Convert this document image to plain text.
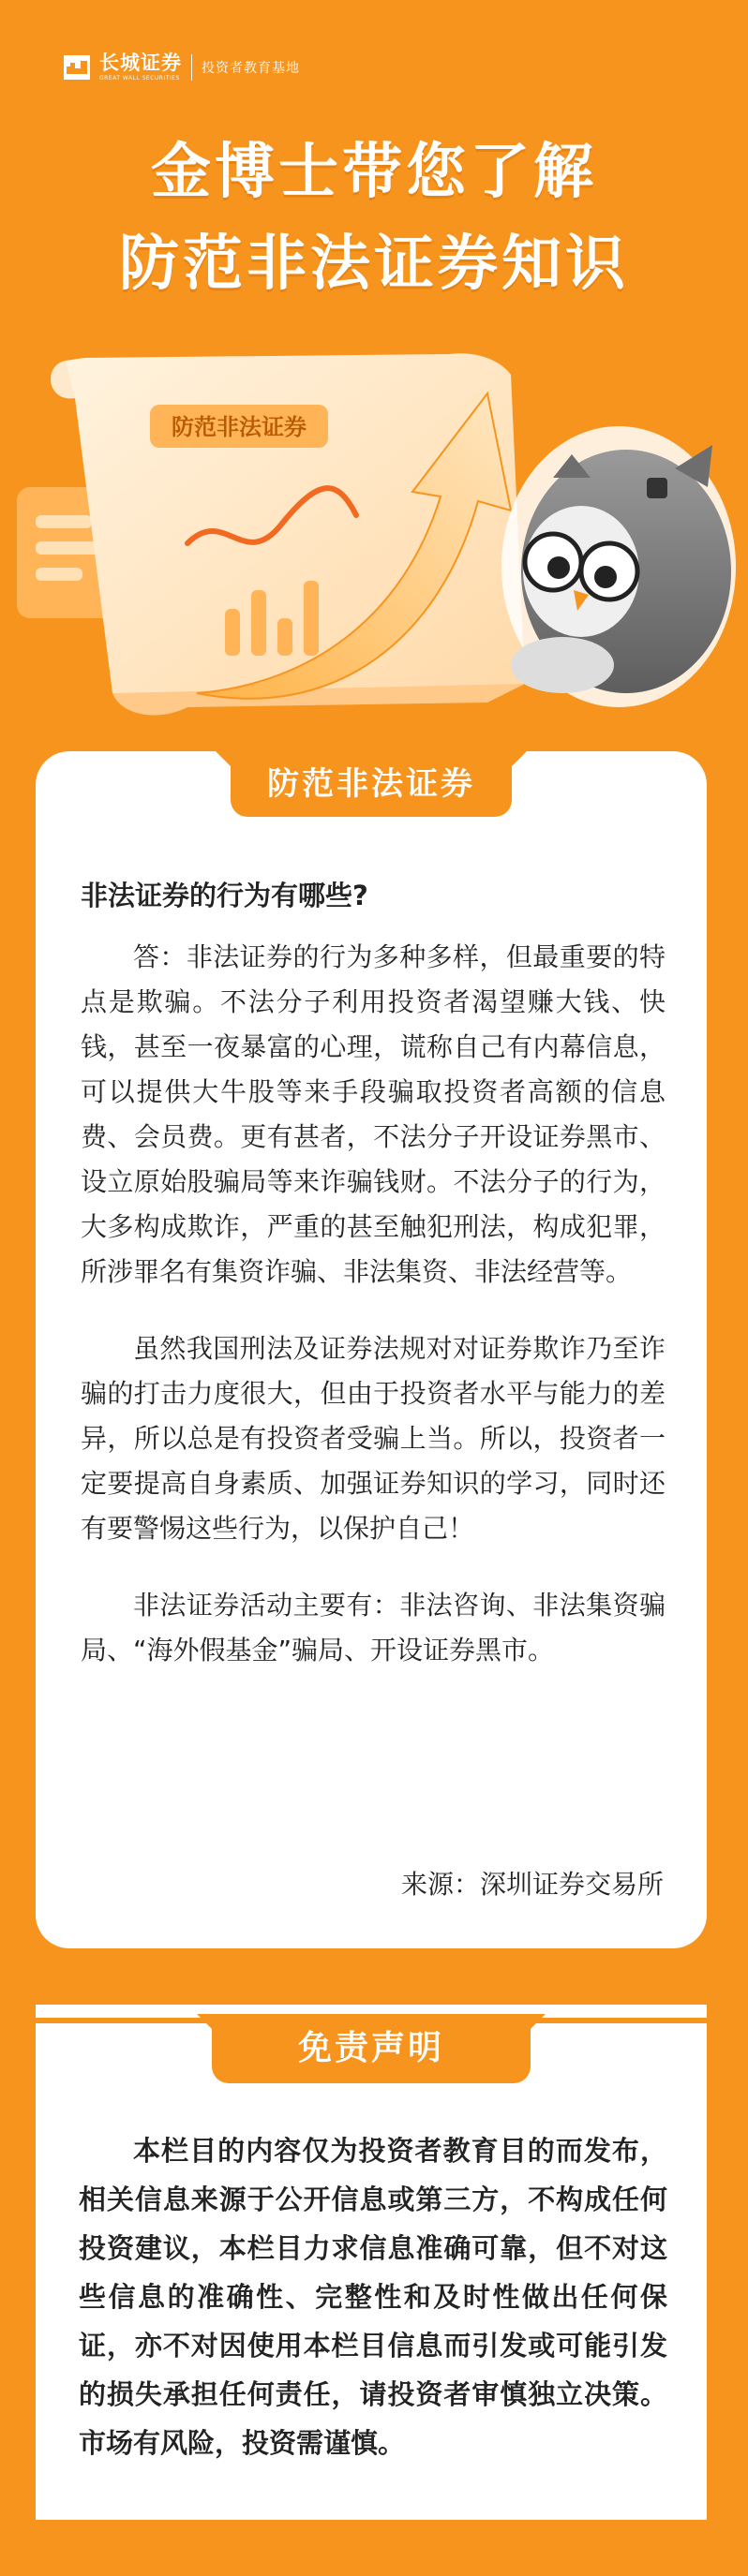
长城证券
GREAT WALL SECURITIES
投资者教育基地
金博士带您了解
防范非法证券知识
防范非法证券
防范非法证券
非法证券的行为有哪些?

答：非法证券的行为多种多样，但最重要的特点是欺骗。不法分子利用投资者渴望赚大钱、快钱，甚至一夜暴富的心理，谎称自己有内幕信息，可以提供大牛股等来手段骗取投资者高额的信息费、会员费。更有甚者，不法分子开设证券黑市、设立原始股骗局等来诈骗钱财。不法分子的行为，大多构成欺诈，严重的甚至触犯刑法，构成犯罪，所涉罪名有集资诈骗、非法集资、非法经营等。

虽然我国刑法及证券法规对对证券欺诈乃至诈骗的打击力度很大，但由于投资者水平与能力的差异，所以总是有投资者受骗上当。所以，投资者一定要提高自身素质、加强证券知识的学习，同时还有要警惕这些行为，以保护自己！

非法证券活动主要有：非法咨询、非法集资骗局、“海外假基金”骗局、开设证券黑市。

来源：深圳证券交易所
免责声明
本栏目的内容仅为投资者教育目的而发布，相关信息来源于公开信息或第三方，不构成任何投资建议，本栏目力求信息准确可靠，但不对这些信息的准确性、完整性和及时性做出任何保证，亦不对因使用本栏目信息而引发或可能引发的损失承担任何责任，请投资者审慎独立决策。市场有风险，投资需谨慎。
